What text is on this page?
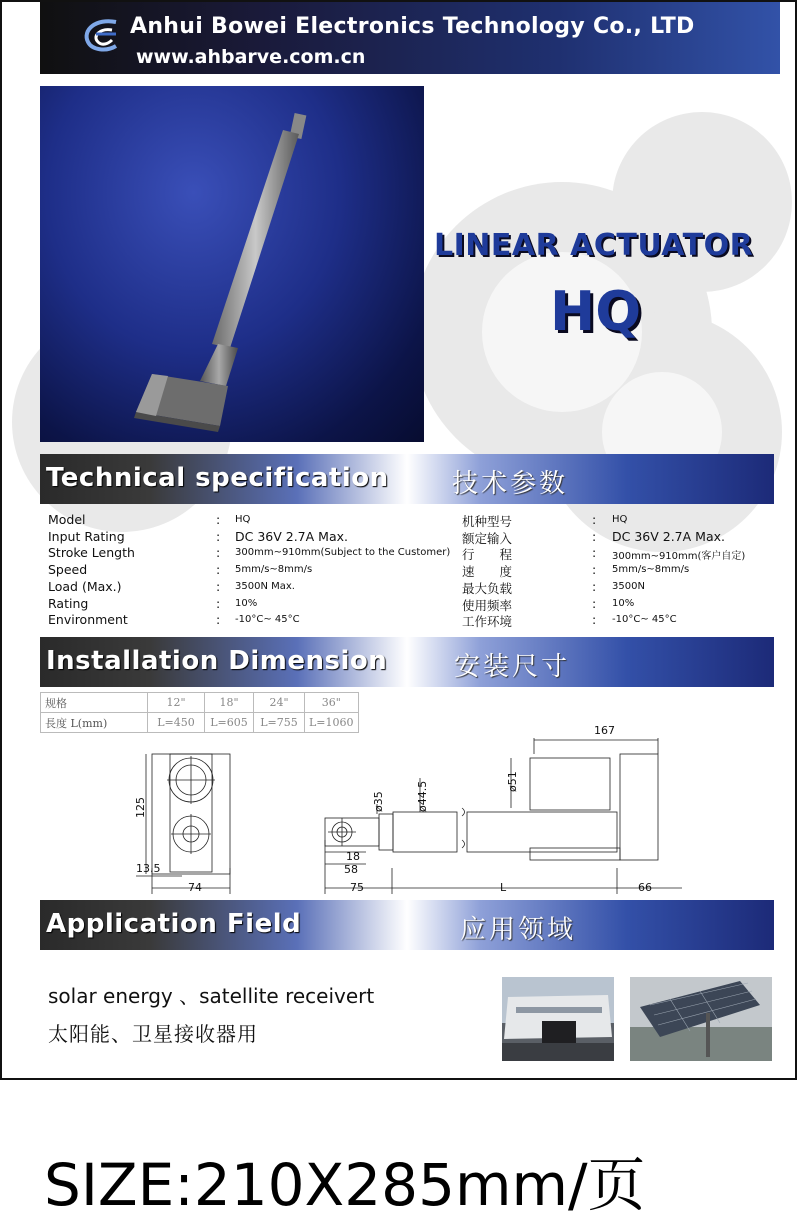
Anhui Bowei Electronics Technology Co., LTD
www.ahbarve.com.cn
LINEAR ACTUATOR
HQ
Technical specification 技术参数
Model	: HQ	机种型号	: HQ
Input Rating	: DC 36V 2.7A Max.	额定输入	: DC 36V 2.7A Max.
Stroke Length	: 300mm~910mm(Subject to the Customer) 行　　程	: 300mm~910mm(客户自定)
Speed	: 5mm/s~8mm/s	速　　度	: 5mm/s~8mm/s
Load (Max.)	: 3500N Max.	最大负载	: 3500N
Rating	: 10%	使用频率	: 10%
Environment	: -10°C~ 45°C	工作环境	: -10°C~ 45°C
Installation Dimension	安装尺寸
规格	12"	18"	24"	36"
長度 L(mm)	L=450	L=605	L=755	L=1060
125
13.5
74
ø35	ø44.5	ø51
167
18
58
75	L	66
Application Field	应用领域
solar energy 、satellite receivert
太阳能、卫星接收器用
SIZE:210X285mm/页
